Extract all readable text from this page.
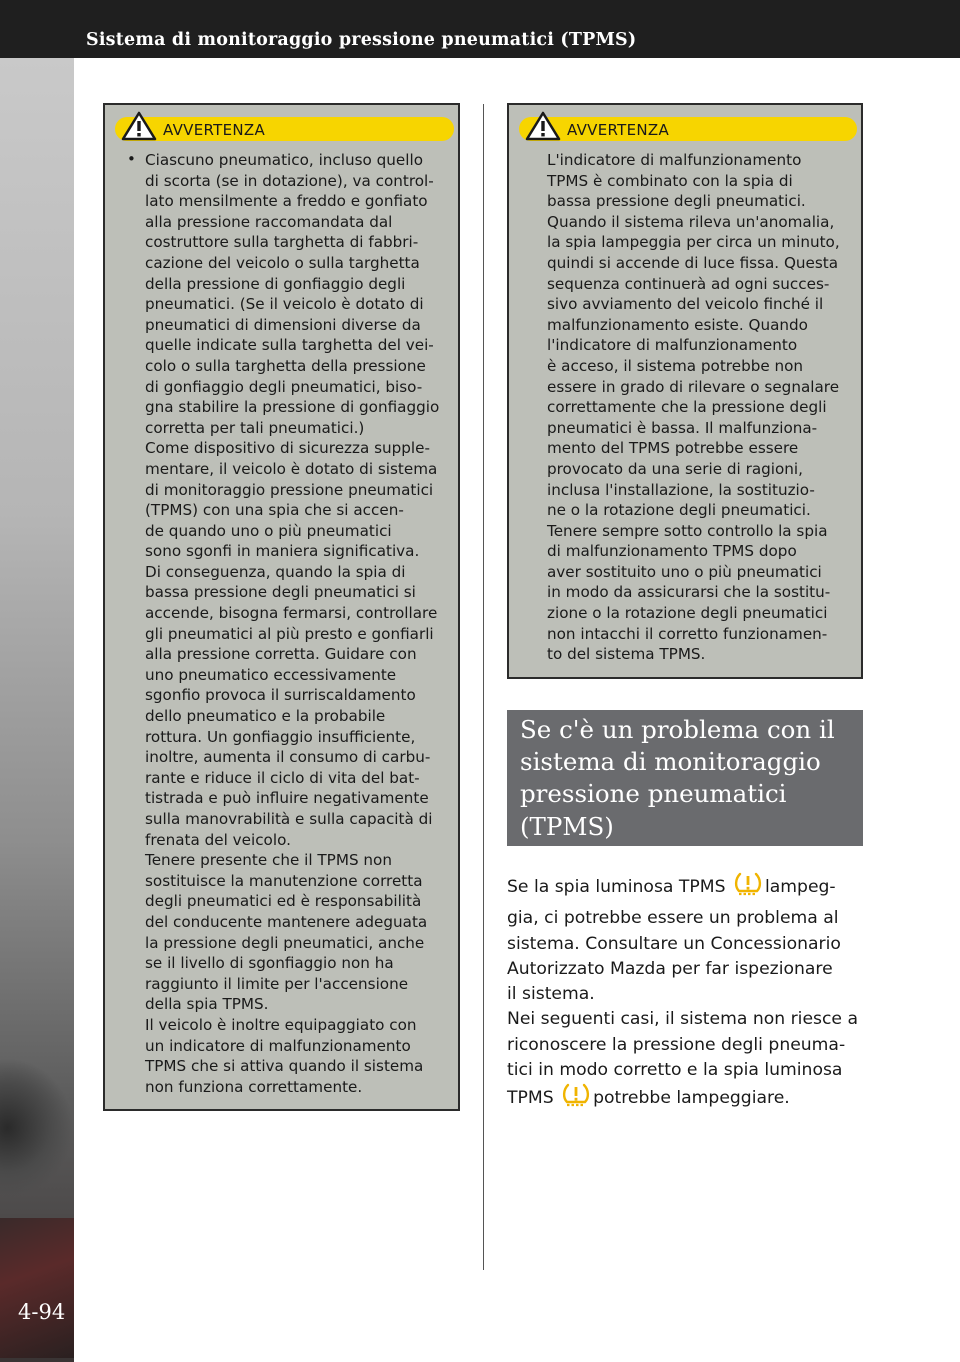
Sistema di monitoraggio pressione pneumatici (TPMS)
4-94
AVVERTENZA
• Ciascuno pneumatico, incluso quello
di scorta (se in dotazione), va control-
lato mensilmente a freddo e gonfiato
alla pressione raccomandata dal
costruttore sulla targhetta di fabbri-
cazione del veicolo o sulla targhetta
della pressione di gonfiaggio degli
pneumatici. (Se il veicolo è dotato di
pneumatici di dimensioni diverse da
quelle indicate sulla targhetta del vei-
colo o sulla targhetta della pressione
di gonfiaggio degli pneumatici, biso-
gna stabilire la pressione di gonfiaggio
corretta per tali pneumatici.)
Come dispositivo di sicurezza supple-
mentare, il veicolo è dotato di sistema
di monitoraggio pressione pneumatici
(TPMS) con una spia che si accen-
de quando uno o più pneumatici
sono sgonfi in maniera significativa.
Di conseguenza, quando la spia di
bassa pressione degli pneumatici si
accende, bisogna fermarsi, controllare
gli pneumatici al più presto e gonfiarli
alla pressione corretta. Guidare con
uno pneumatico eccessivamente
sgonfio provoca il surriscaldamento
dello pneumatico e la probabile
rottura. Un gonfiaggio insufficiente,
inoltre, aumenta il consumo di carbu-
rante e riduce il ciclo di vita del bat-
tistrada e può influire negativamente
sulla manovrabilità e sulla capacità di
frenata del veicolo.
Tenere presente che il TPMS non
sostituisce la manutenzione corretta
degli pneumatici ed è responsabilità
del conducente mantenere adeguata
la pressione degli pneumatici, anche
se il livello di sgonfiaggio non ha
raggiunto il limite per l'accensione
della spia TPMS.
Il veicolo è inoltre equipaggiato con
un indicatore di malfunzionamento
TPMS che si attiva quando il sistema
non funziona correttamente.

AVVERTENZA

L'indicatore di malfunzionamento
TPMS è combinato con la spia di
bassa pressione degli pneumatici.
Quando il sistema rileva un'anomalia,
la spia lampeggia per circa un minuto,
quindi si accende di luce fissa. Questa
sequenza continuerà ad ogni succes-
sivo avviamento del veicolo finché il
malfunzionamento esiste. Quando
l'indicatore di malfunzionamento
è acceso, il sistema potrebbe non
essere in grado di rilevare o segnalare
correttamente che la pressione degli
pneumatici è bassa. Il malfunziona-
mento del TPMS potrebbe essere
provocato da una serie di ragioni,
inclusa l'installazione, la sostituzio-
ne o la rotazione degli pneumatici.
Tenere sempre sotto controllo la spia
di malfunzionamento TPMS dopo
aver sostituito uno o più pneumatici
in modo da assicurarsi che la sostitu-
zione o la rotazione degli pneumatici
non intacchi il corretto funzionamen-
to del sistema TPMS.

Se c'è un problema con il
sistema di monitoraggio
pressione pneumatici
(TPMS)

Se la spia luminosa TPMS lampeg-
gia, ci potrebbe essere un problema al
sistema. Consultare un Concessionario
Autorizzato Mazda per far ispezionare
il sistema.
Nei seguenti casi, il sistema non riesce a
riconoscere la pressione degli pneuma-
tici in modo corretto e la spia luminosa
TPMS potrebbe lampeggiare.
